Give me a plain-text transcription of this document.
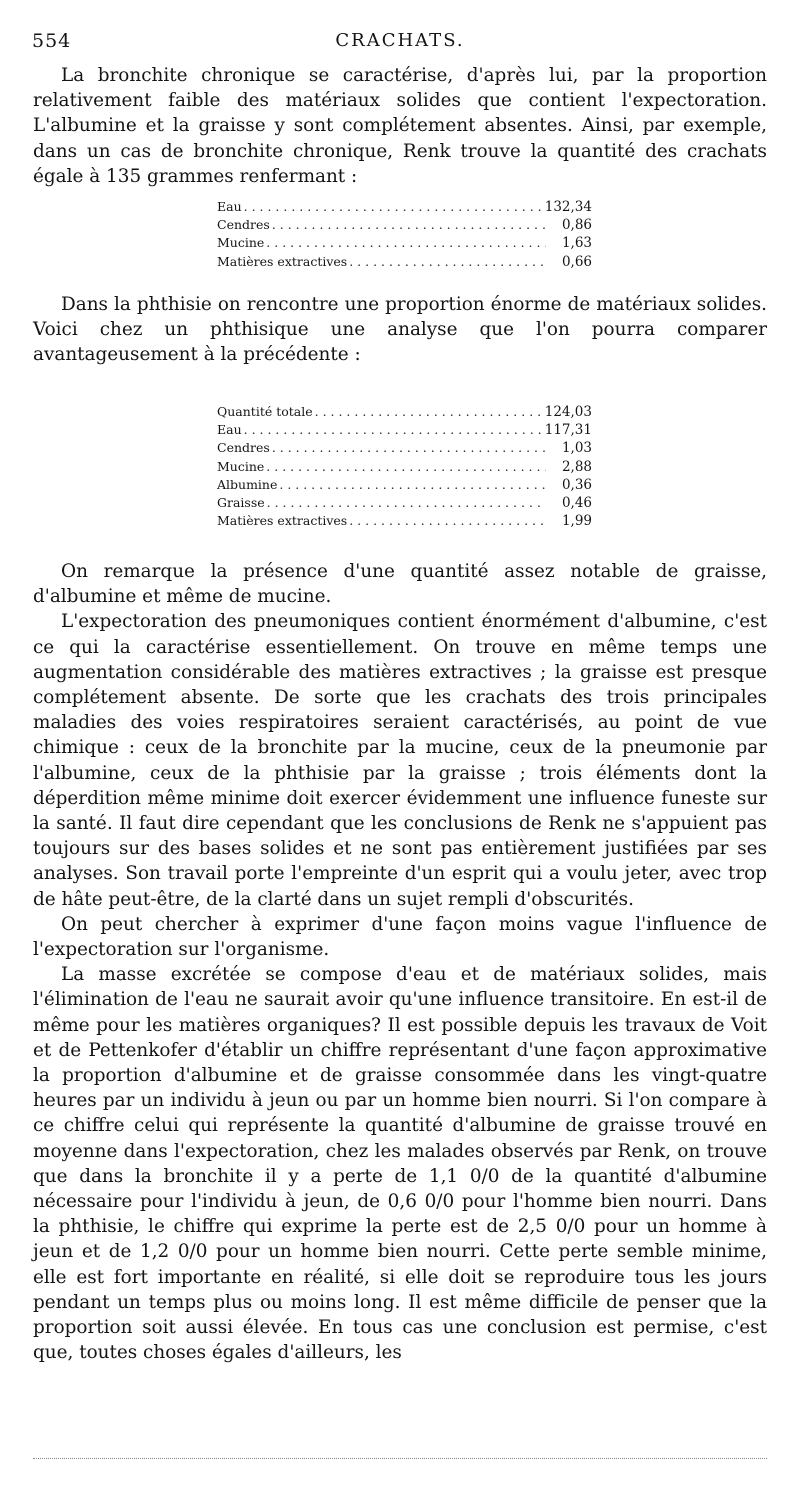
554	CRACHATS.

La bronchite chronique se caractérise, d'après lui, par la proportion relativement faible des matériaux solides que contient l'expectoration. L'albumine et la graisse y sont complétement absentes. Ainsi, par exemple, dans un cas de bronchite chronique, Renk trouve la quantité des crachats égale à 135 grammes renfermant :

Eau . . .	132,34
Cendres . . .	0,86
Mucine . . .	1,63
Matières extractives . . .	0,66

Dans la phthisie on rencontre une proportion énorme de matériaux solides. Voici chez un phthisique une analyse que l'on pourra comparer avantageusement à la précédente :

Quantité totale . . .	124,03
Eau . . .	117,31
Cendres . . .	1,03
Mucine . . .	2,88
Albumine . . .	0,36
Graisse . . .	0,46
Matières extractives . . .	1,99

On remarque la présence d'une quantité assez notable de graisse, d'albumine et même de mucine.

L'expectoration des pneumoniques contient énormément d'albumine, c'est ce qui la caractérise essentiellement. On trouve en même temps une augmentation considérable des matières extractives ; la graisse est presque complétement absente. De sorte que les crachats des trois principales maladies des voies respiratoires seraient caractérisés, au point de vue chimique : ceux de la bronchite par la mucine, ceux de la pneumonie par l'albumine, ceux de la phthisie par la graisse ; trois éléments dont la déperdition même minime doit exercer évidemment une influence funeste sur la santé. Il faut dire cependant que les conclusions de Renk ne s'appuient pas toujours sur des bases solides et ne sont pas entièrement justifiées par ses analyses. Son travail porte l'empreinte d'un esprit qui a voulu jeter, avec trop de hâte peut-être, de la clarté dans un sujet rempli d'obscurités.

On peut chercher à exprimer d'une façon moins vague l'influence de l'expectoration sur l'organisme.

La masse excrétée se compose d'eau et de matériaux solides, mais l'élimination de l'eau ne saurait avoir qu'une influence transitoire. En est-il de même pour les matières organiques? Il est possible depuis les travaux de Voit et de Pettenkofer d'établir un chiffre représentant d'une façon approximative la proportion d'albumine et de graisse consommée dans les vingt-quatre heures par un individu à jeun ou par un homme bien nourri. Si l'on compare à ce chiffre celui qui représente la quantité d'albumine de graisse trouvé en moyenne dans l'expectoration, chez les malades observés par Renk, on trouve que dans la bronchite il y a perte de 1,1 0/0 de la quantité d'albumine nécessaire pour l'individu à jeun, de 0,6 0/0 pour l'homme bien nourri. Dans la phthisie, le chiffre qui exprime la perte est de 2,5 0/0 pour un homme à jeun et de 1,2 0/0 pour un homme bien nourri. Cette perte semble minime, elle est fort importante en réalité, si elle doit se reproduire tous les jours pendant un temps plus ou moins long. Il est même difficile de penser que la proportion soit aussi élevée. En tous cas une conclusion est permise, c'est que, toutes choses égales d'ailleurs, les
